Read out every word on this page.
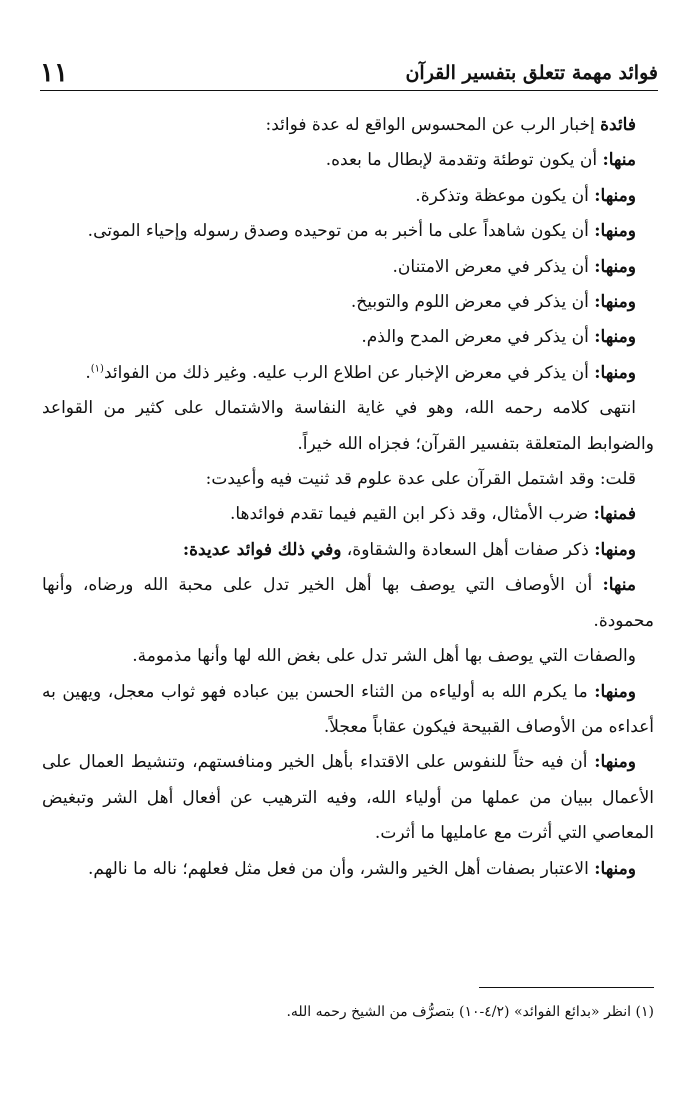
فوائد مهمة تتعلق بتفسير القرآن
١١

فائدة إخبار الرب عن المحسوس الواقع له عدة فوائد:

منها: أن يكون توطئة وتقدمة لإبطال ما بعده.

ومنها: أن يكون موعظة وتذكرة.

ومنها: أن يكون شاهداً على ما أخبر به من توحيده وصدق رسوله وإحياء الموتى.

ومنها: أن يذكر في معرض الامتنان.

ومنها: أن يذكر في معرض اللوم والتوبيخ.

ومنها: أن يذكر في معرض المدح والذم.

ومنها: أن يذكر في معرض الإخبار عن اطلاع الرب عليه. وغير ذلك من الفوائد$^{(١)}$.

انتهى كلامه رحمه الله، وهو في غاية النفاسة والاشتمال على كثير من القواعد والضوابط المتعلقة بتفسير القرآن؛ فجزاه الله خيراً.

قلت: وقد اشتمل القرآن على عدة علوم قد ثنيت فيه وأعيدت:

فمنها: ضرب الأمثال، وقد ذكر ابن القيم فيما تقدم فوائدها.

ومنها: ذكر صفات أهل السعادة والشقاوة، وفي ذلك فوائد عديدة:

منها: أن الأوصاف التي يوصف بها أهل الخير تدل على محبة الله ورضاه، وأنها محمودة.

والصفات التي يوصف بها أهل الشر تدل على بغض الله لها وأنها مذمومة.

ومنها: ما يكرم الله به أولياءه من الثناء الحسن بين عباده فهو ثواب معجل، ويهين به أعداءه من الأوصاف القبيحة فيكون عقاباً معجلاً.

ومنها: أن فيه حثاً للنفوس على الاقتداء بأهل الخير ومنافستهم، وتنشيط العمال على الأعمال ببيان من عملها من أولياء الله، وفيه الترهيب عن أفعال أهل الشر وتبغيض المعاصي التي أثرت مع عامليها ما أثرت.

ومنها: الاعتبار بصفات أهل الخير والشر، وأن من فعل مثل فعلهم؛ ناله ما نالهم.

(١) انظر «بدائع الفوائد» (٤/٢-١٠) بتصرُّف من الشيخ رحمه الله.
